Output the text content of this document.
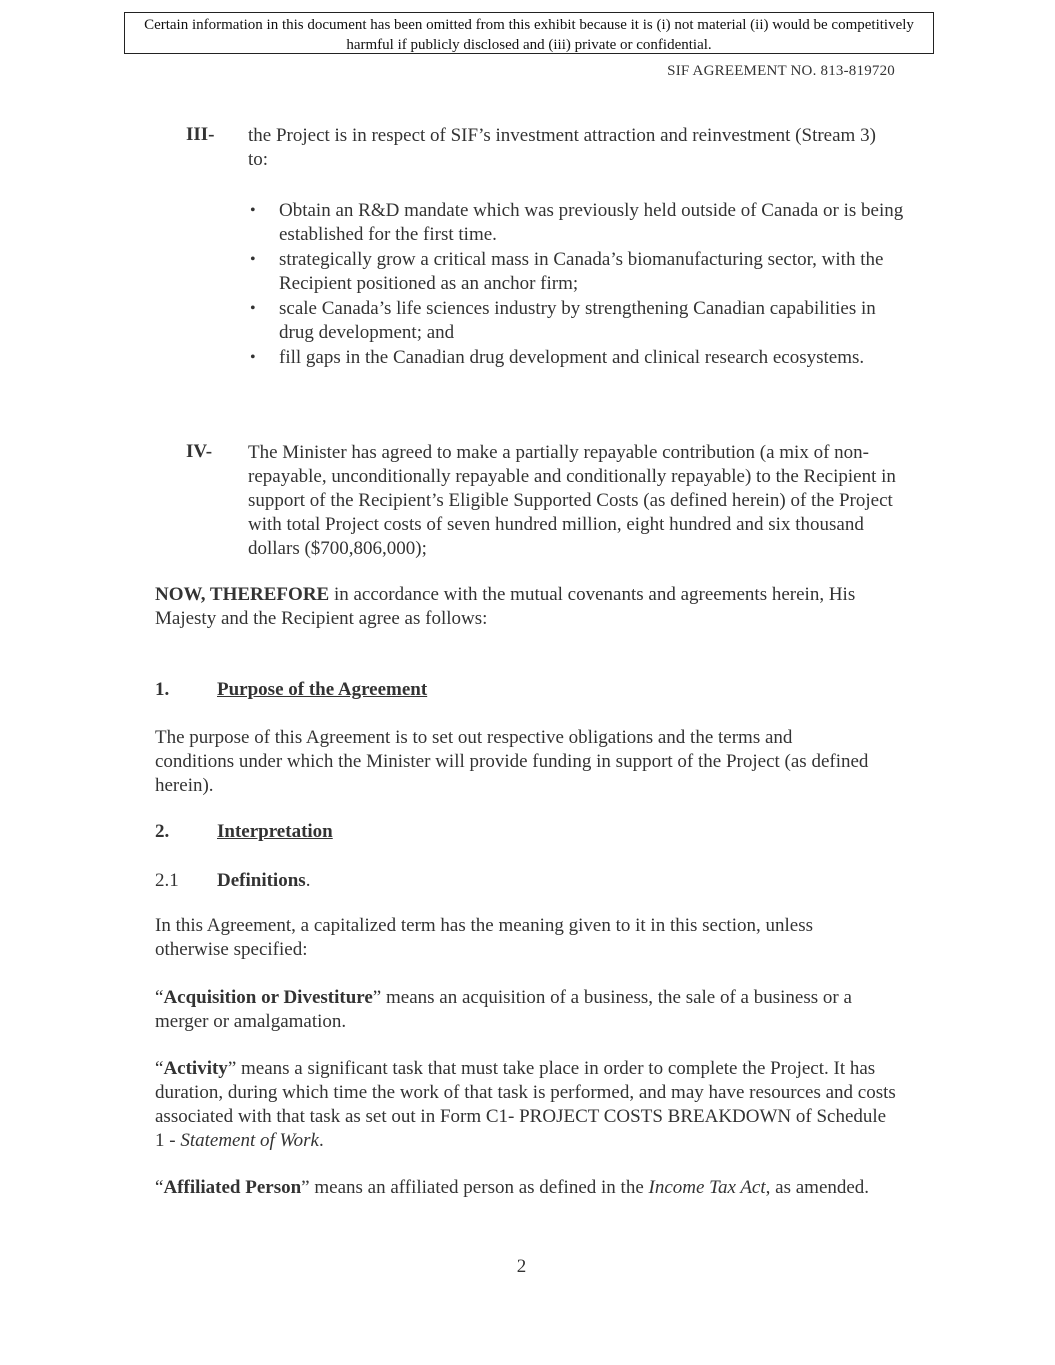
Certain information in this document has been omitted from this exhibit because it is (i) not material (ii) would be competitively harmful if publicly disclosed and (iii) private or confidential.
SIF AGREEMENT NO. 813-819720
III- the Project is in respect of SIF’s investment attraction and reinvestment (Stream 3) to:
• Obtain an R&D mandate which was previously held outside of Canada or is being established for the first time.
• strategically grow a critical mass in Canada’s biomanufacturing sector, with the Recipient positioned as an anchor firm;
• scale Canada’s life sciences industry by strengthening Canadian capabilities in drug development; and
• fill gaps in the Canadian drug development and clinical research ecosystems.
IV- The Minister has agreed to make a partially repayable contribution (a mix of non-repayable, unconditionally repayable and conditionally repayable) to the Recipient in support of the Recipient’s Eligible Supported Costs (as defined herein) of the Project with total Project costs of seven hundred million, eight hundred and six thousand dollars ($700,806,000);
NOW, THEREFORE in accordance with the mutual covenants and agreements herein, His Majesty and the Recipient agree as follows:
1.	Purpose of the Agreement
The purpose of this Agreement is to set out respective obligations and the terms and conditions under which the Minister will provide funding in support of the Project (as defined herein).
2.	Interpretation
2.1 Definitions.
In this Agreement, a capitalized term has the meaning given to it in this section, unless otherwise specified:
“Acquisition or Divestiture” means an acquisition of a business, the sale of a business or a merger or amalgamation.
“Activity” means a significant task that must take place in order to complete the Project. It has duration, during which time the work of that task is performed, and may have resources and costs associated with that task as set out in Form C1- PROJECT COSTS BREAKDOWN of Schedule 1 - Statement of Work.
“Affiliated Person” means an affiliated person as defined in the Income Tax Act, as amended.
2
